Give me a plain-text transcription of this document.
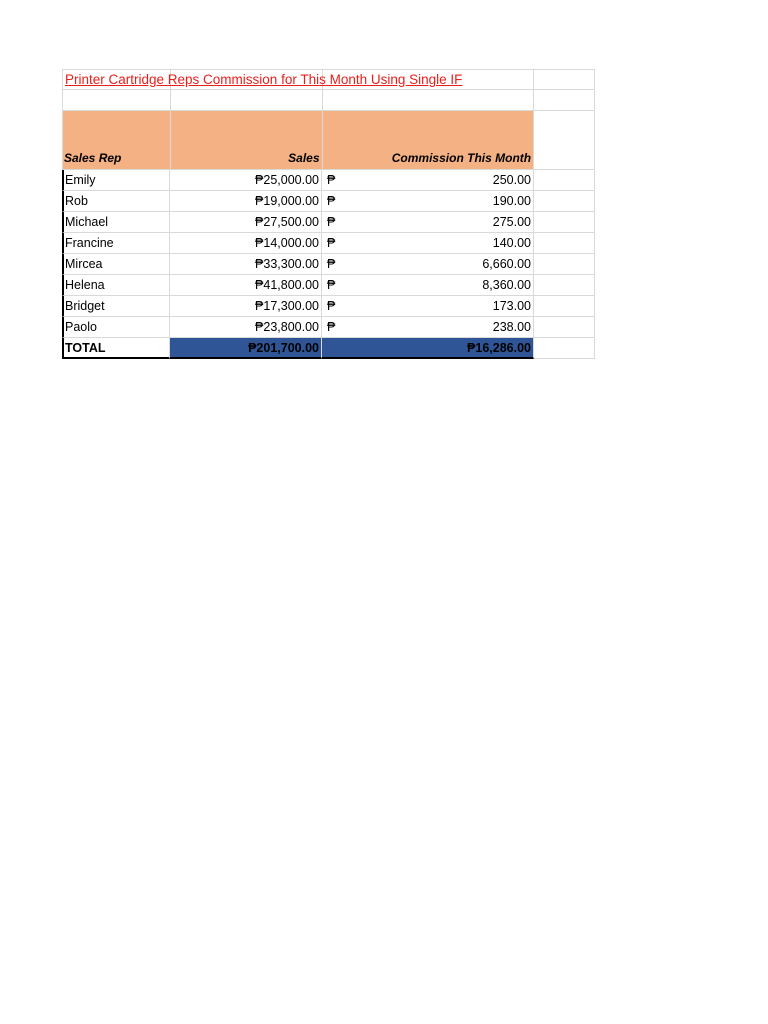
Printer Cartridge Reps Commission for This Month Using Single IF
Sales Rep	Sales	Commission This Month
Emily	₱25,000.00 ₱	250.00
Rob	₱19,000.00 ₱	190.00
Michael	₱27,500.00 ₱	275.00
Francine	₱14,000.00 ₱	140.00
Mircea	₱33,300.00 ₱	6,660.00
Helena	₱41,800.00 ₱	8,360.00
Bridget	₱17,300.00 ₱	173.00
Paolo	₱23,800.00 ₱	238.00
TOTAL	₱201,700.00	₱16,286.00
